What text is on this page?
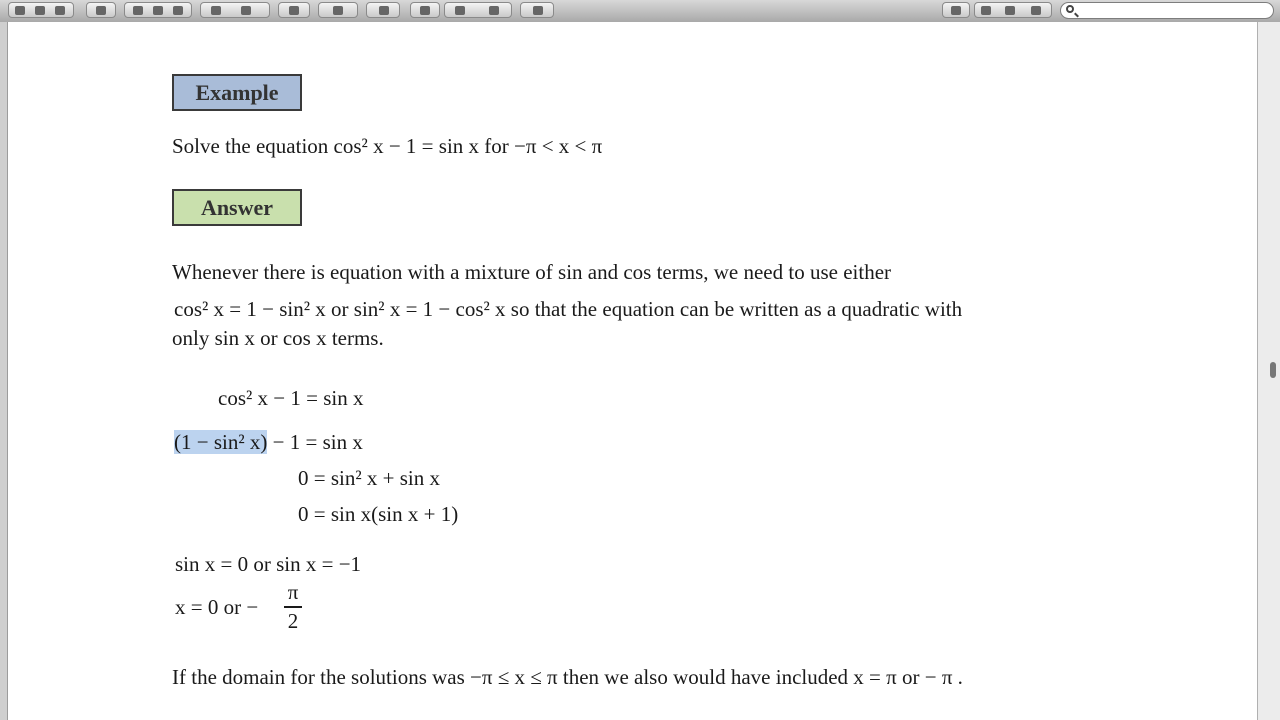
Example
Solve the equation cos² x − 1 = sin x for −π < x < π
Answer
Whenever there is equation with a mixture of sin and cos terms, we need to use either
cos² x = 1 − sin² x or sin² x = 1 − cos² x so that the equation can be written as a quadratic with
only sin x or cos x terms.
cos² x − 1 = sin x
(1 − sin² x) − 1 = sin x
0 = sin² x + sin x
0 = sin x(sin x + 1)
sin x = 0 or sin x = −1
x = 0 or −
π
2
If the domain for the solutions was −π ≤ x ≤ π then we also would have included x = π or − π .
